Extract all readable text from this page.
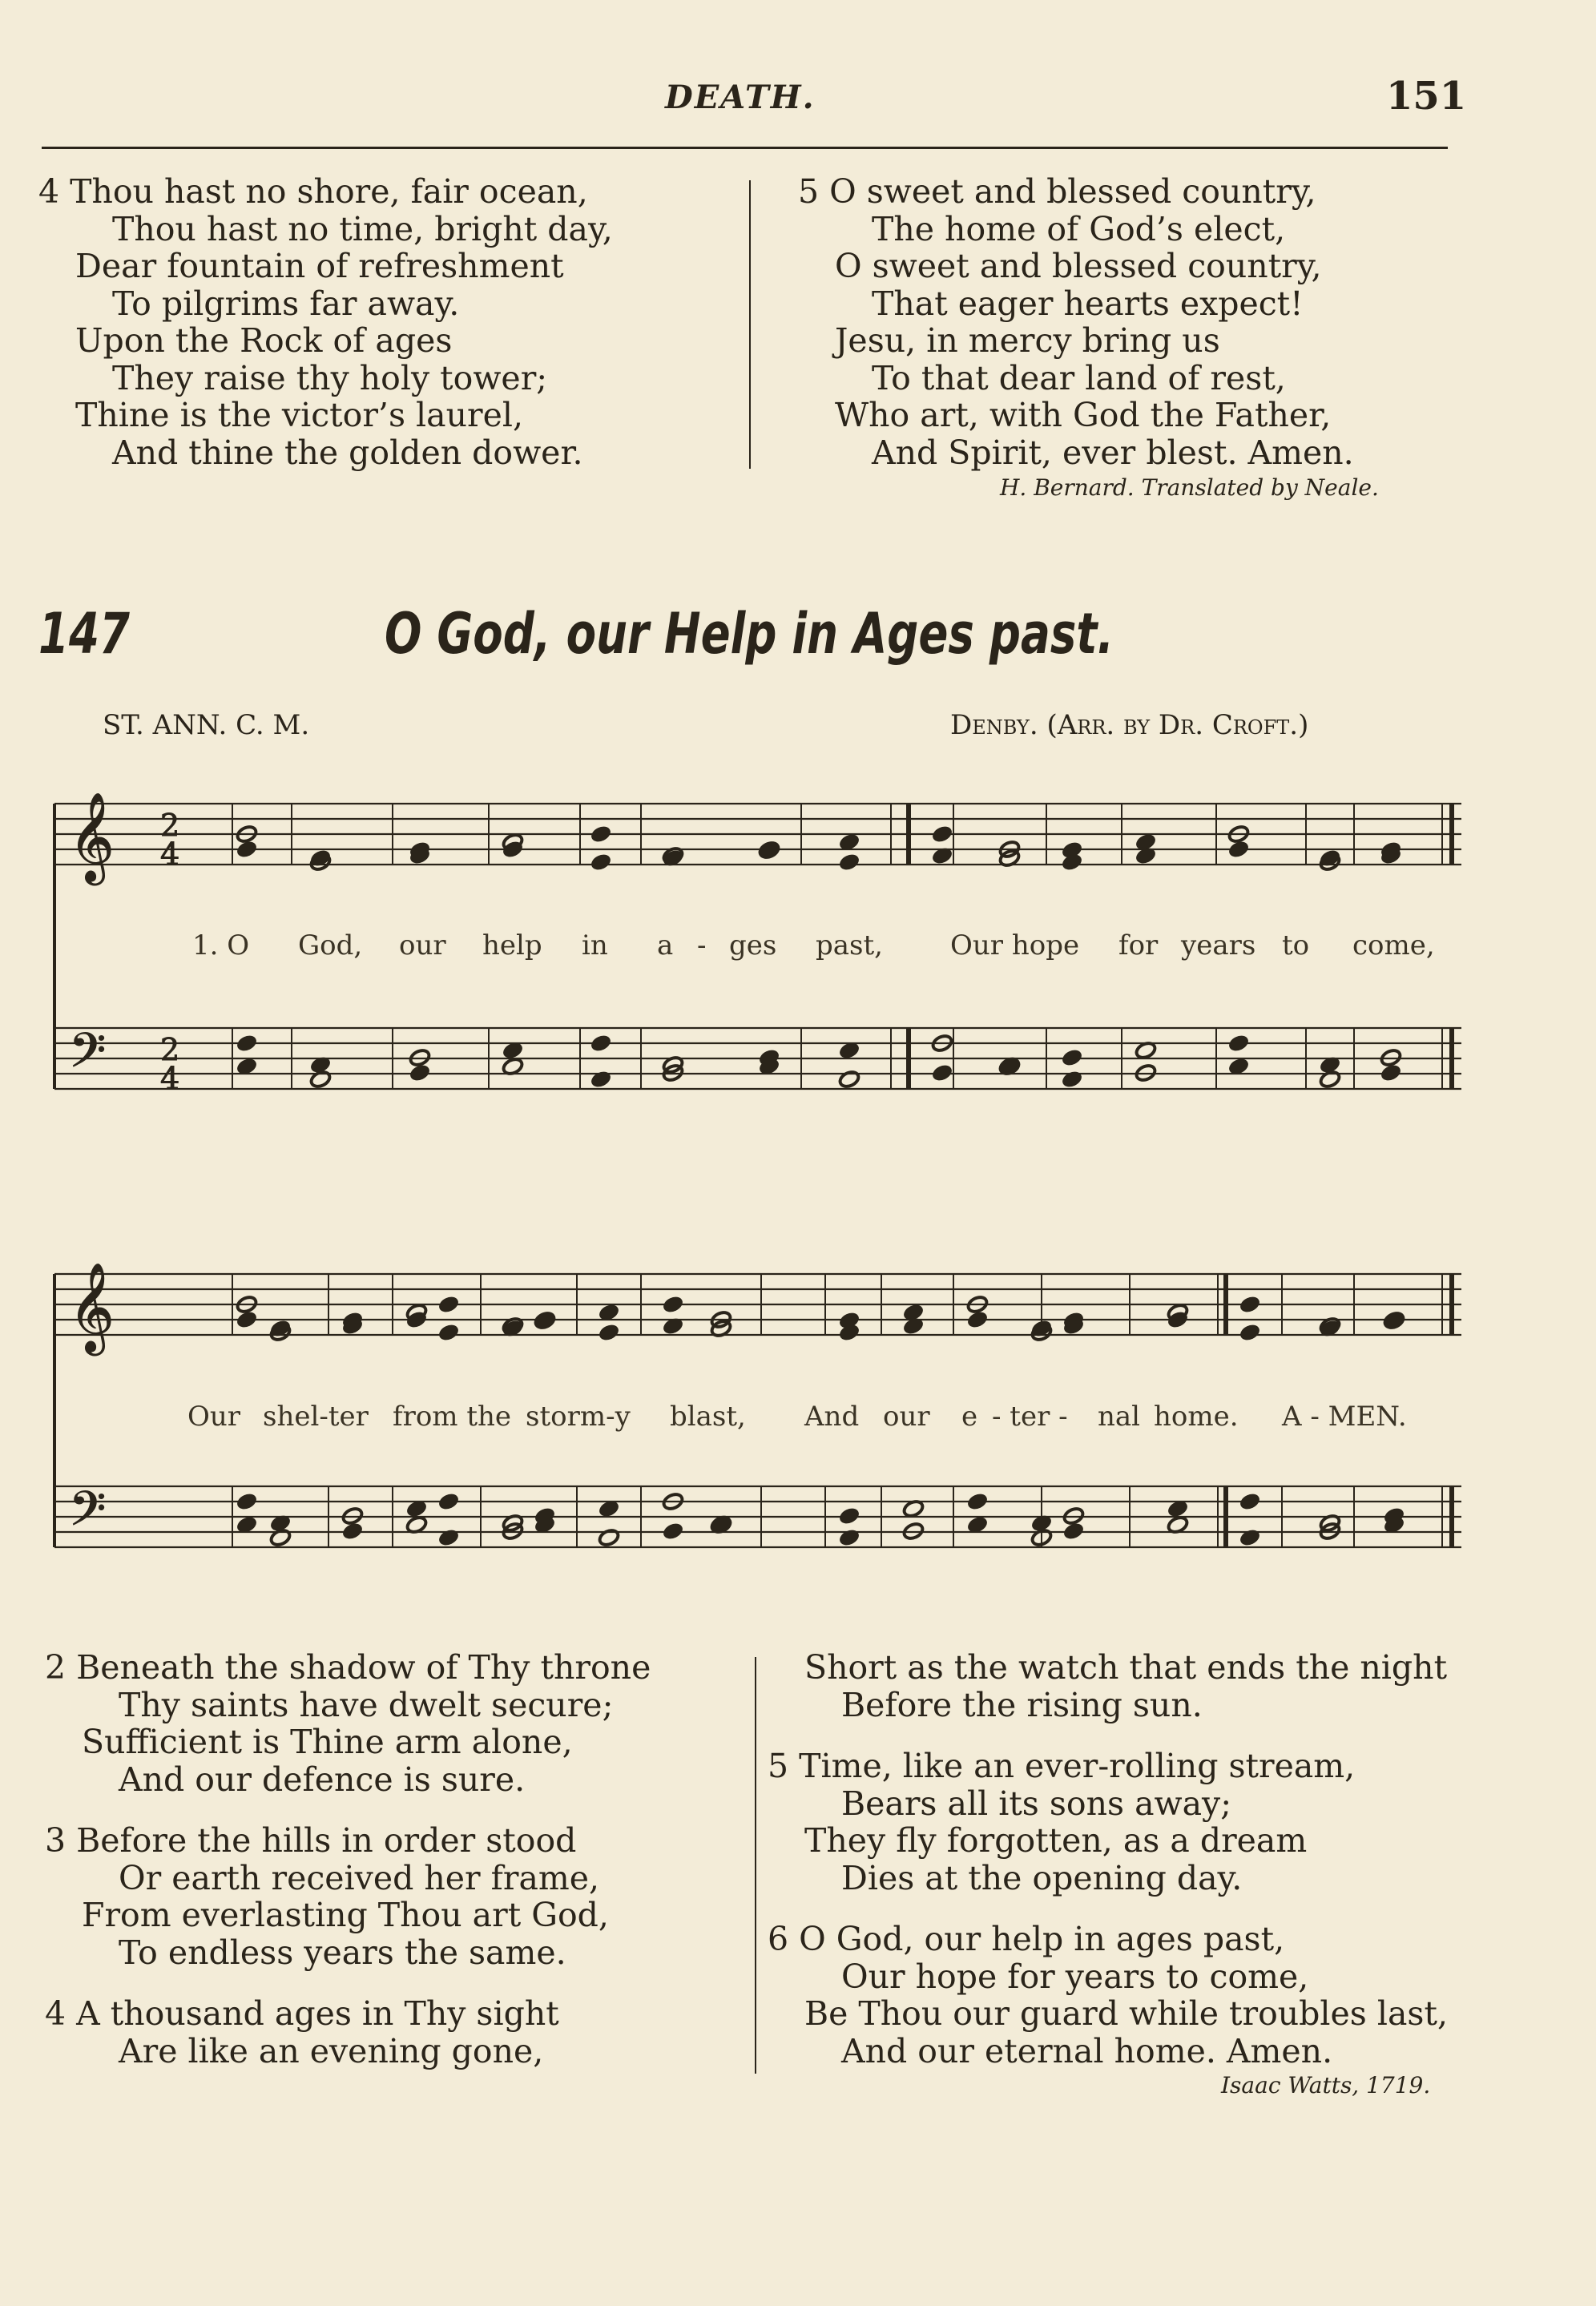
DEATH.	151
4 Thou hast no shore, fair ocean,
Thou hast no time, bright day,
Dear fountain of refreshment
To pilgrims far away.
Upon the Rock of ages
They raise thy holy tower;
Thine is the victor’s laurel,
And thine the golden dower.
5 O sweet and blessed country,
The home of God’s elect,
O sweet and blessed country,
That eager hearts expect!
Jesu, in mercy bring us
To that dear land of rest,
Who art, with God the Father,
And Spirit, ever blest. Amen.
H. Bernard. Translated by Neale.
147	O God, our Help in Ages past.
ST. ANN. C. M.	Denby. (Arr. by Dr. Croft.)
𝄞
𝄢
𝄞
𝄢
2
4
2
4
1. O God, our help in a - ges past, Our hope for years to come,
Our shel-ter from the storm-y blast, And our e - ter - nal home. A - MEN.
2 Beneath the shadow of Thy throne
Thy saints have dwelt secure;
Sufficient is Thine arm alone,
And our defence is sure.
3 Before the hills in order stood
Or earth received her frame,
From everlasting Thou art God,
To endless years the same.
4 A thousand ages in Thy sight
Are like an evening gone,
Short as the watch that ends the night
Before the rising sun.
5 Time, like an ever-rolling stream,
Bears all its sons away;
They fly forgotten, as a dream
Dies at the opening day.
6 O God, our help in ages past,
Our hope for years to come,
Be Thou our guard while troubles last,
And our eternal home. Amen.
Isaac Watts, 1719.
